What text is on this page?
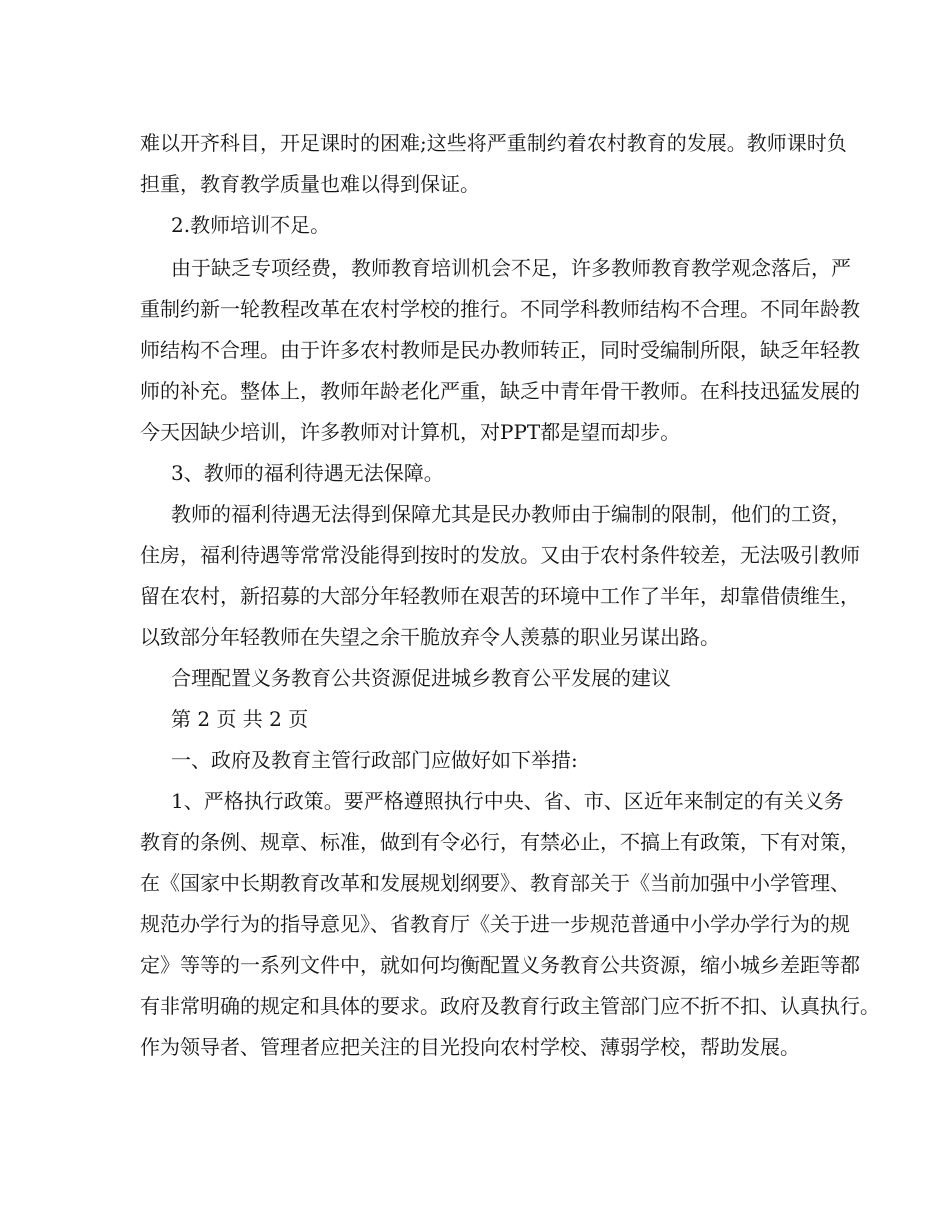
难以开齐科目，开足课时的困难;这些将严重制约着农村教育的发展。教师课时负
担重，教育教学质量也难以得到保证。
2.教师培训不足。
由于缺乏专项经费，教师教育培训机会不足，许多教师教育教学观念落后，严
重制约新一轮教程改革在农村学校的推行。不同学科教师结构不合理。不同年龄教
师结构不合理。由于许多农村教师是民办教师转正，同时受编制所限，缺乏年轻教
师的补充。整体上，教师年龄老化严重，缺乏中青年骨干教师。在科技迅猛发展的
今天因缺少培训，许多教师对计算机，对PPT都是望而却步。
3、教师的福利待遇无法保障。
教师的福利待遇无法得到保障尤其是民办教师由于编制的限制，他们的工资，
住房，福利待遇等常常没能得到按时的发放。又由于农村条件较差，无法吸引教师
留在农村，新招募的大部分年轻教师在艰苦的环境中工作了半年，却靠借债维生，
以致部分年轻教师在失望之余干脆放弃令人羡慕的职业另谋出路。
合理配置义务教育公共资源促进城乡教育公平发展的建议
第 2 页 共 2 页
一、政府及教育主管行政部门应做好如下举措:
1、严格执行政策。要严格遵照执行中央、省、市、区近年来制定的有关义务
教育的条例、规章、标准，做到有令必行，有禁必止，不搞上有政策，下有对策，
在《国家中长期教育改革和发展规划纲要》、教育部关于《当前加强中小学管理、
规范办学行为的指导意见》、省教育厅《关于进一步规范普通中小学办学行为的规
定》等等的一系列文件中，就如何均衡配置义务教育公共资源，缩小城乡差距等都
有非常明确的规定和具体的要求。政府及教育行政主管部门应不折不扣、认真执行。
作为领导者、管理者应把关注的目光投向农村学校、薄弱学校，帮助发展。
